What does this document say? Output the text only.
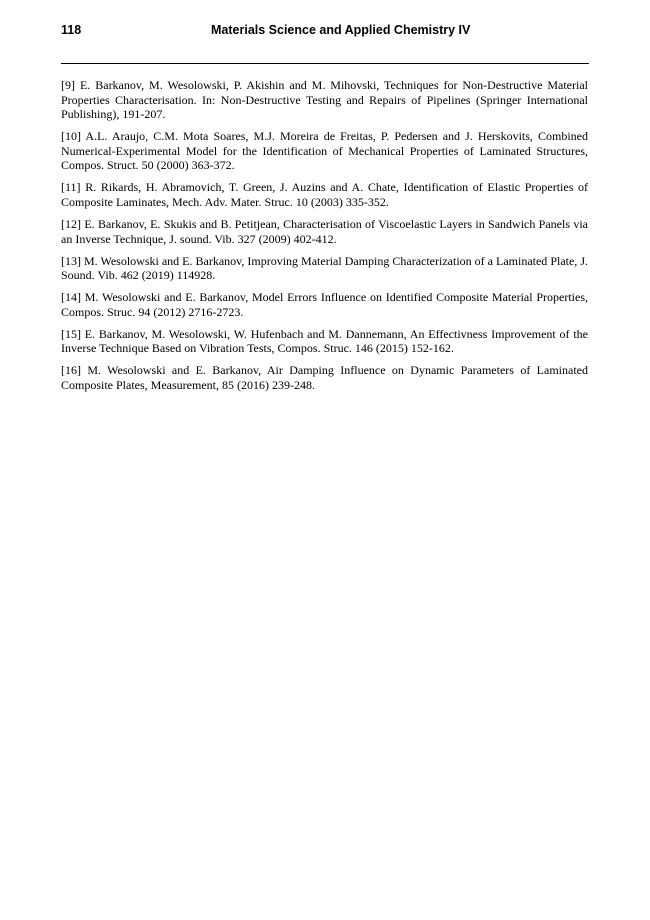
118	Materials Science and Applied Chemistry IV

[9] E. Barkanov, M. Wesolowski, P. Akishin and M. Mihovski, Techniques for Non-Destructive Material Properties Characterisation. In: Non-Destructive Testing and Repairs of Pipelines (Springer International Publishing), 191-207.

[10] A.L. Araujo, C.M. Mota Soares, M.J. Moreira de Freitas, P. Pedersen and J. Herskovits, Combined Numerical-Experimental Model for the Identification of Mechanical Properties of Laminated Structures, Compos. Struct. 50 (2000) 363-372.

[11] R. Rikards, H. Abramovich, T. Green, J. Auzins and A. Chate, Identification of Elastic Properties of Composite Laminates, Mech. Adv. Mater. Struc. 10 (2003) 335-352.

[12] E. Barkanov, E. Skukis and B. Petitjean, Characterisation of Viscoelastic Layers in Sandwich Panels via an Inverse Technique, J. sound. Vib. 327 (2009) 402-412.

[13] M. Wesolowski and E. Barkanov, Improving Material Damping Characterization of a Laminated Plate, J. Sound. Vib. 462 (2019) 114928.

[14] M. Wesolowski and E. Barkanov, Model Errors Influence on Identified Composite Material Properties, Compos. Struc. 94 (2012) 2716-2723.

[15] E. Barkanov, M. Wesolowski, W. Hufenbach and M. Dannemann, An Effectivness Improvement of the Inverse Technique Based on Vibration Tests, Compos. Struc. 146 (2015) 152-162.

[16] M. Wesolowski and E. Barkanov, Air Damping Influence on Dynamic Parameters of Laminated Composite Plates, Measurement, 85 (2016) 239-248.
